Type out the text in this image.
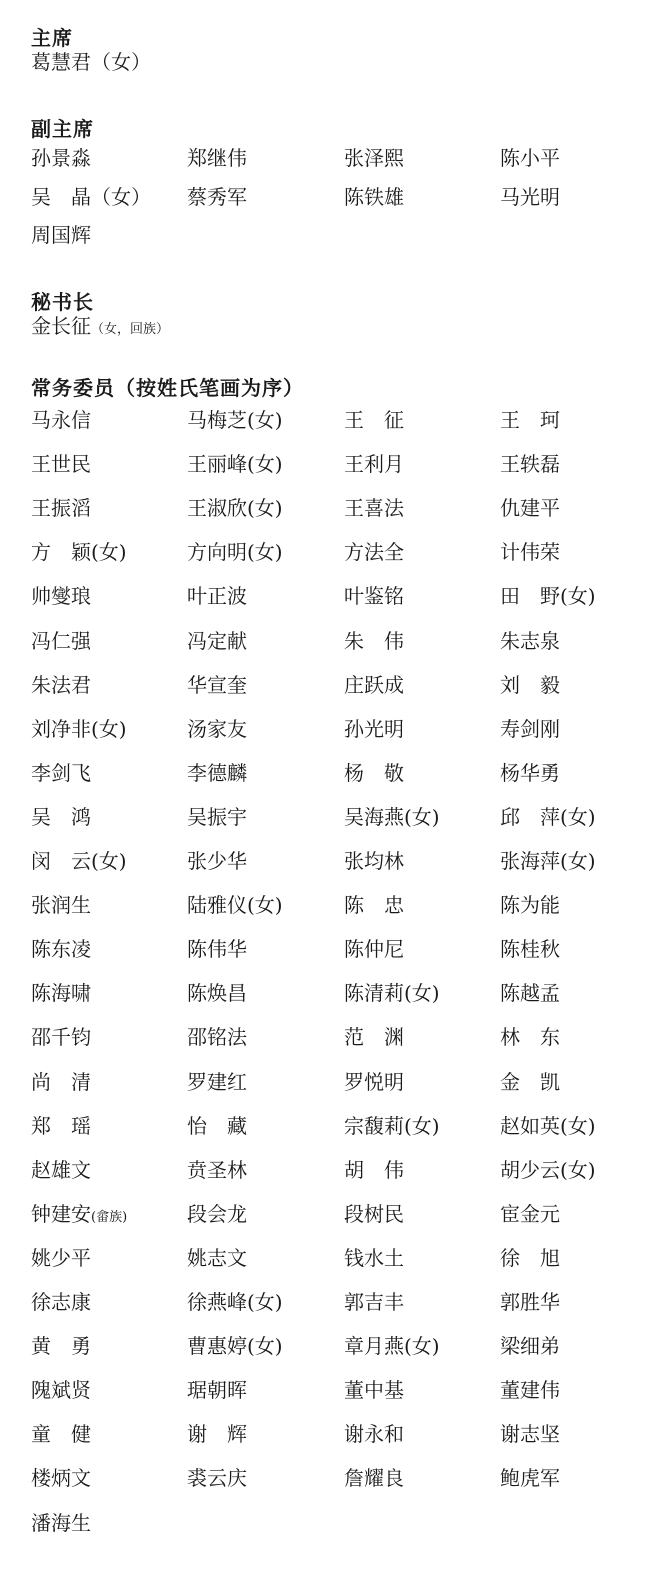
主席
葛慧君（女）
副主席
孙景淼	郑继伟	张泽熙	陈小平
吴　晶（女） 蔡秀军	陈铁雄	马光明
周国辉
秘书长
金长征（女，回族）
常务委员（按姓氏笔画为序）
马永信	马梅芝(女)	王　征	王　珂
王世民	王丽峰(女)	王利月	王轶磊
王振滔	王淑欣(女)	王喜法	仇建平
方　颖(女)	方向明(女)	方法全	计伟荣
帅燮琅	叶正波	叶鉴铭	田　野(女)
冯仁强	冯定献	朱　伟	朱志泉
朱法君	华宣奎	庄跃成	刘　毅
刘净非(女)	汤家友	孙光明	寿剑刚
李剑飞	李德麟	杨　敬	杨华勇
吴　鸿	吴振宇	吴海燕(女)	邱　萍(女)
闵　云(女)	张少华	张均林	张海萍(女)
张润生	陆雅仪(女)	陈　忠	陈为能
陈东凌	陈伟华	陈仲尼	陈桂秋
陈海啸	陈焕昌	陈清莉(女)	陈越孟
邵千钧	邵铭法	范　渊	林　东
尚　清	罗建红	罗悦明	金　凯
郑　瑶	怡　藏	宗馥莉(女)	赵如英(女)
赵雄文	贲圣林	胡　伟	胡少云(女)
钟建安(畲族)	段会龙	段树民	宦金元
姚少平	姚志文	钱水土	徐　旭
徐志康	徐燕峰(女)	郭吉丰	郭胜华
黄　勇	曹惠婷(女)	章月燕(女)	梁细弟
隗斌贤	琚朝晖	董中基	董建伟
童　健	谢　辉	谢永和	谢志坚
楼炳文	裘云庆	詹耀良	鲍虎军
潘海生
